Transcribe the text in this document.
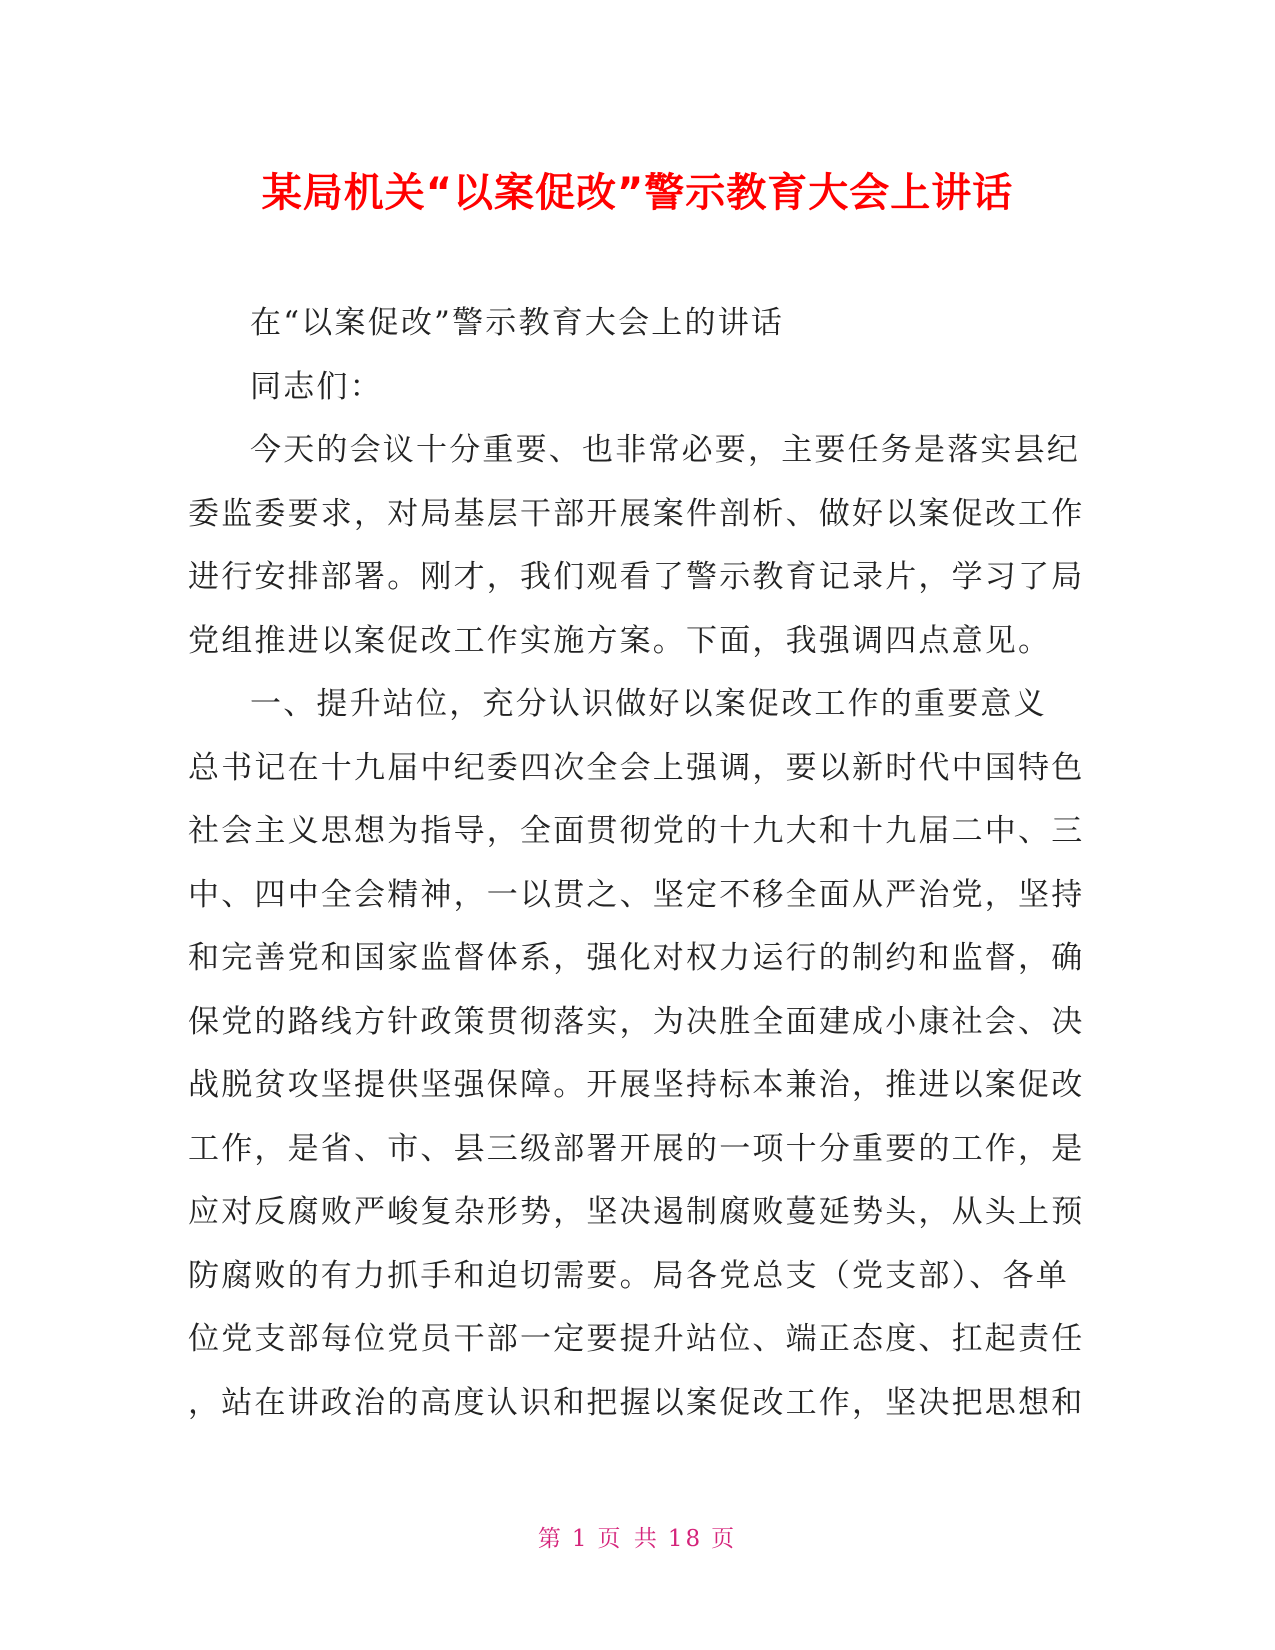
某局机关“以案促改”警示教育大会上讲话
在“以案促改”警示教育大会上的讲话
同志们：
今天的会议十分重要、也非常必要，主要任务是落实县纪
委监委要求，对局基层干部开展案件剖析、做好以案促改工作
进行安排部署。刚才，我们观看了警示教育记录片，学习了局
党组推进以案促改工作实施方案。下面，我强调四点意见。
一、提升站位，充分认识做好以案促改工作的重要意义
总书记在十九届中纪委四次全会上强调，要以新时代中国特色
社会主义思想为指导，全面贯彻党的十九大和十九届二中、三
中、四中全会精神，一以贯之、坚定不移全面从严治党，坚持
和完善党和国家监督体系，强化对权力运行的制约和监督，确
保党的路线方针政策贯彻落实，为决胜全面建成小康社会、决
战脱贫攻坚提供坚强保障。开展坚持标本兼治，推进以案促改
工作，是省、市、县三级部署开展的一项十分重要的工作，是
应对反腐败严峻复杂形势，坚决遏制腐败蔓延势头，从头上预
防腐败的有力抓手和迫切需要。局各党总支（党支部）、各单
位党支部每位党员干部一定要提升站位、端正态度、扛起责任
，站在讲政治的高度认识和把握以案促改工作，坚决把思想和
第 1 页 共 18 页
